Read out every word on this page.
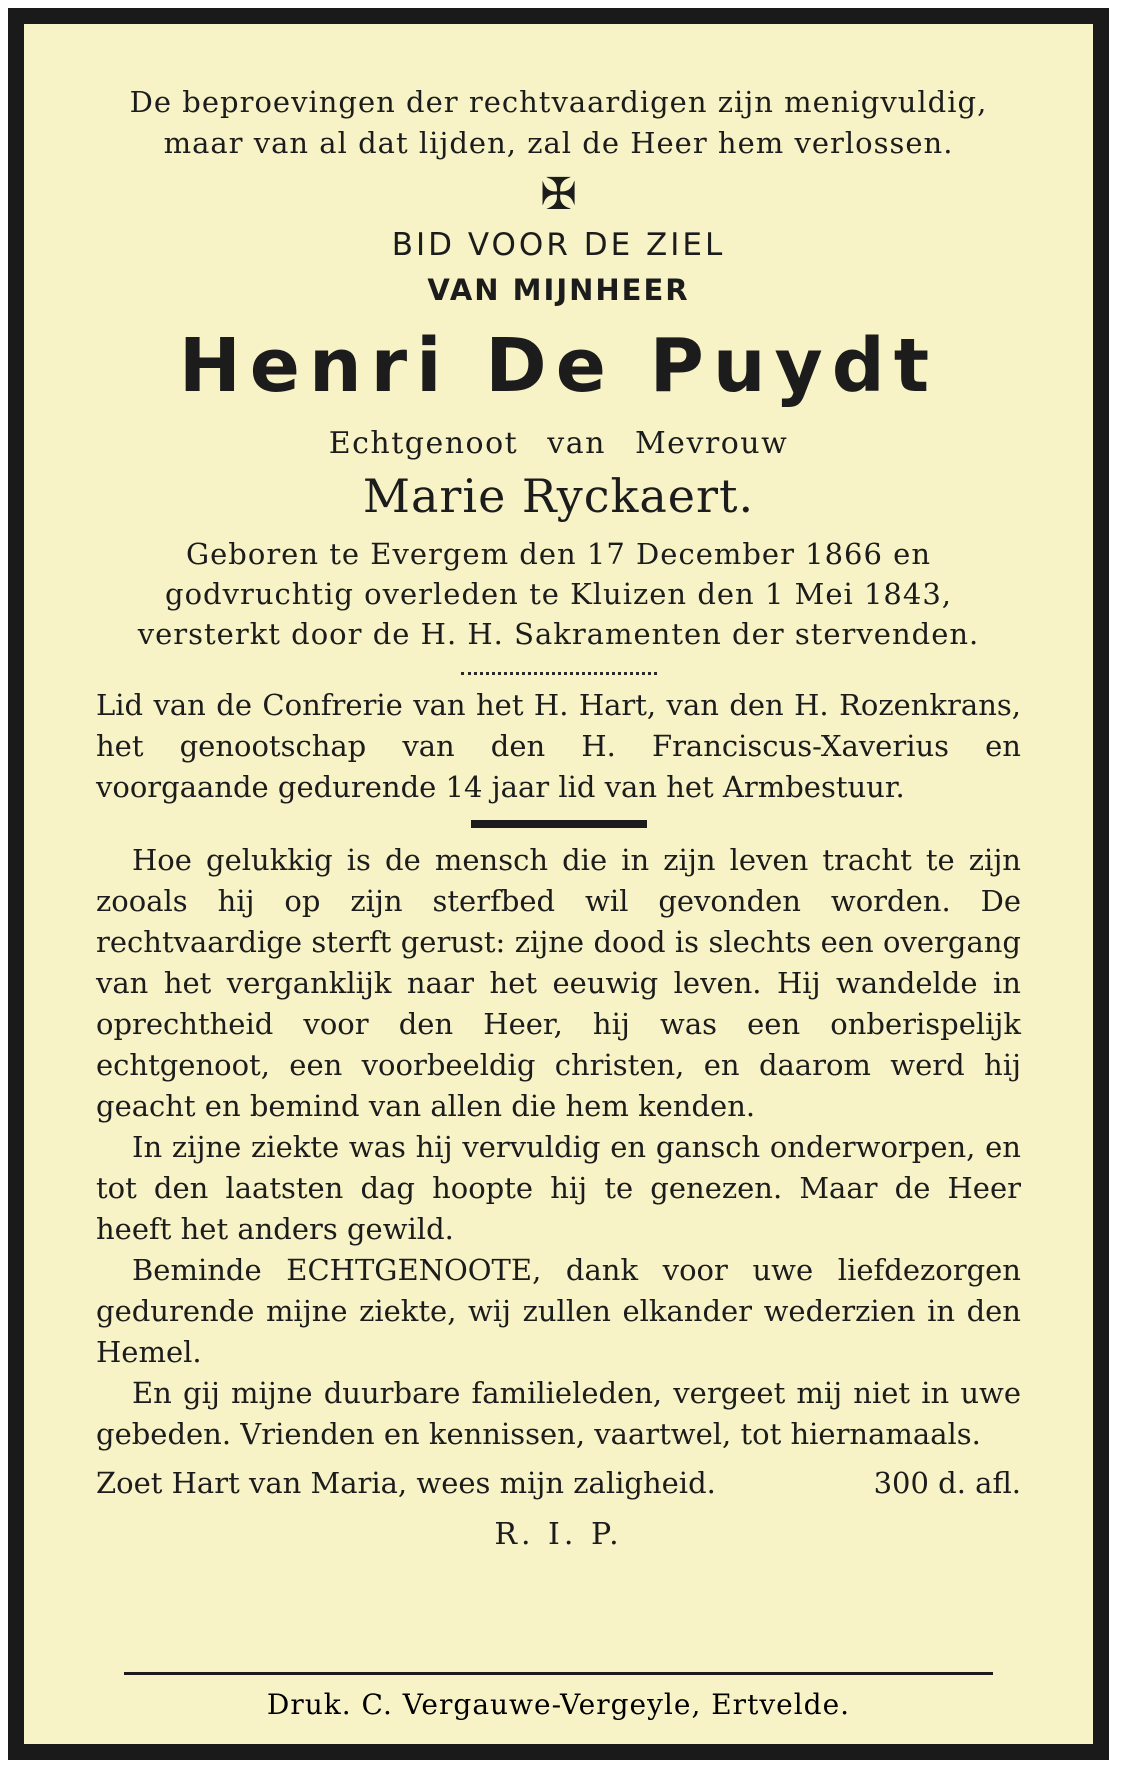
De beproevingen der rechtvaardigen zijn menigvuldig,
maar van al dat lijden, zal de Heer hem verlossen.
✠
BID VOOR DE ZIEL
VAN MIJNHEER
Henri De Puydt
Echtgenoot van Mevrouw
Marie Ryckaert.
Geboren te Evergem den 17 December 1866 en
godvruchtig overleden te Kluizen den 1 Mei 1843,
versterkt door de H. H. Sakramenten der stervenden.
Lid van de Confrerie van het H. Hart, van den H. Rozenkrans, het genootschap van den H. Franciscus-Xaverius en voorgaande gedurende 14 jaar lid van het Armbestuur.

Hoe gelukkig is de mensch die in zijn leven tracht te zijn zooals hij op zijn sterfbed wil gevonden worden. De rechtvaardige sterft gerust: zijne dood is slechts een overgang van het verganklijk naar het eeuwig leven. Hij wandelde in oprechtheid voor den Heer, hij was een onberispelijk echtgenoot, een voorbeeldig christen, en daarom werd hij geacht en bemind van allen die hem kenden.

In zijne ziekte was hij vervuldig en gansch onderworpen, en tot den laatsten dag hoopte hij te genezen. Maar de Heer heeft het anders gewild.

Beminde ECHTGENOOTE, dank voor uwe liefdezorgen gedurende mijne ziekte, wij zullen elkander wederzien in den Hemel.

En gij mijne duurbare familieleden, vergeet mij niet in uwe gebeden. Vrienden en kennissen, vaartwel, tot hiernamaals.

Zoet Hart van Maria, wees mijn zaligheid.	300 d. afl.
R. I. P.
Druk. C. Vergauwe-Vergeyle, Ertvelde.
